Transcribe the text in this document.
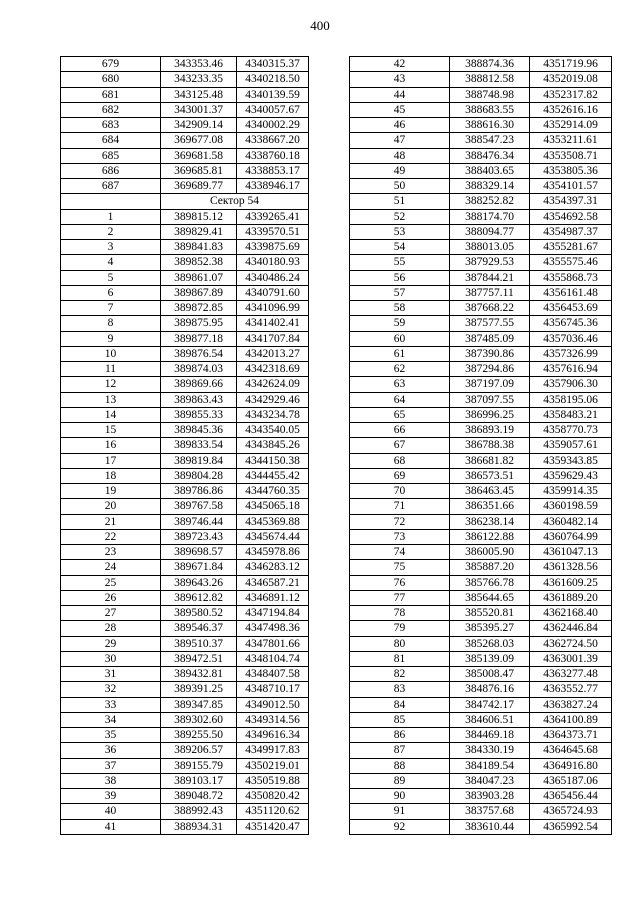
400
679	343353.46	4340315.37
680	343233.35	4340218.50
681	343125.48	4340139.59
682	343001.37	4340057.67
683	342909.14	4340002.29
684	369677.08	4338667.20
685	369681.58	4338760.18
686	369685.81	4338853.17
687	369689.77	4338946.17
	Сектор 54	
1	389815.12	4339265.41
2	389829.41	4339570.51
3	389841.83	4339875.69
4	389852.38	4340180.93
5	389861.07	4340486.24
6	389867.89	4340791.60
7	389872.85	4341096.99
8	389875.95	4341402.41
9	389877.18	4341707.84
10	389876.54	4342013.27
11	389874.03	4342318.69
12	389869.66	4342624.09
13	389863.43	4342929.46
14	389855.33	4343234.78
15	389845.36	4343540.05
16	389833.54	4343845.26
17	389819.84	4344150.38
18	389804.28	4344455.42
19	389786.86	4344760.35
20	389767.58	4345065.18
21	389746.44	4345369.88
22	389723.43	4345674.44
23	389698.57	4345978.86
24	389671.84	4346283.12
25	389643.26	4346587.21
26	389612.82	4346891.12
27	389580.52	4347194.84
28	389546.37	4347498.36
29	389510.37	4347801.66
30	389472.51	4348104.74
31	389432.81	4348407.58
32	389391.25	4348710.17
33	389347.85	4349012.50
34	389302.60	4349314.56
35	389255.50	4349616.34
36	389206.57	4349917.83
37	389155.79	4350219.01
38	389103.17	4350519.88
39	389048.72	4350820.42
40	388992.43	4351120.62
41	388934.31	4351420.47
42	388874.36	4351719.96
43	388812.58	4352019.08
44	388748.98	4352317.82
45	388683.55	4352616.16
46	388616.30	4352914.09
47	388547.23	4353211.61
48	388476.34	4353508.71
49	388403.65	4353805.36
50	388329.14	4354101.57
51	388252.82	4354397.31
52	388174.70	4354692.58
53	388094.77	4354987.37
54	388013.05	4355281.67
55	387929.53	4355575.46
56	387844.21	4355868.73
57	387757.11	4356161.48
58	387668.22	4356453.69
59	387577.55	4356745.36
60	387485.09	4357036.46
61	387390.86	4357326.99
62	387294.86	4357616.94
63	387197.09	4357906.30
64	387097.55	4358195.06
65	386996.25	4358483.21
66	386893.19	4358770.73
67	386788.38	4359057.61
68	386681.82	4359343.85
69	386573.51	4359629.43
70	386463.45	4359914.35
71	386351.66	4360198.59
72	386238.14	4360482.14
73	386122.88	4360764.99
74	386005.90	4361047.13
75	385887.20	4361328.56
76	385766.78	4361609.25
77	385644.65	4361889.20
78	385520.81	4362168.40
79	385395.27	4362446.84
80	385268.03	4362724.50
81	385139.09	4363001.39
82	385008.47	4363277.48
83	384876.16	4363552.77
84	384742.17	4363827.24
85	384606.51	4364100.89
86	384469.18	4364373.71
87	384330.19	4364645.68
88	384189.54	4364916.80
89	384047.23	4365187.06
90	383903.28	4365456.44
91	383757.68	4365724.93
92	383610.44	4365992.54
